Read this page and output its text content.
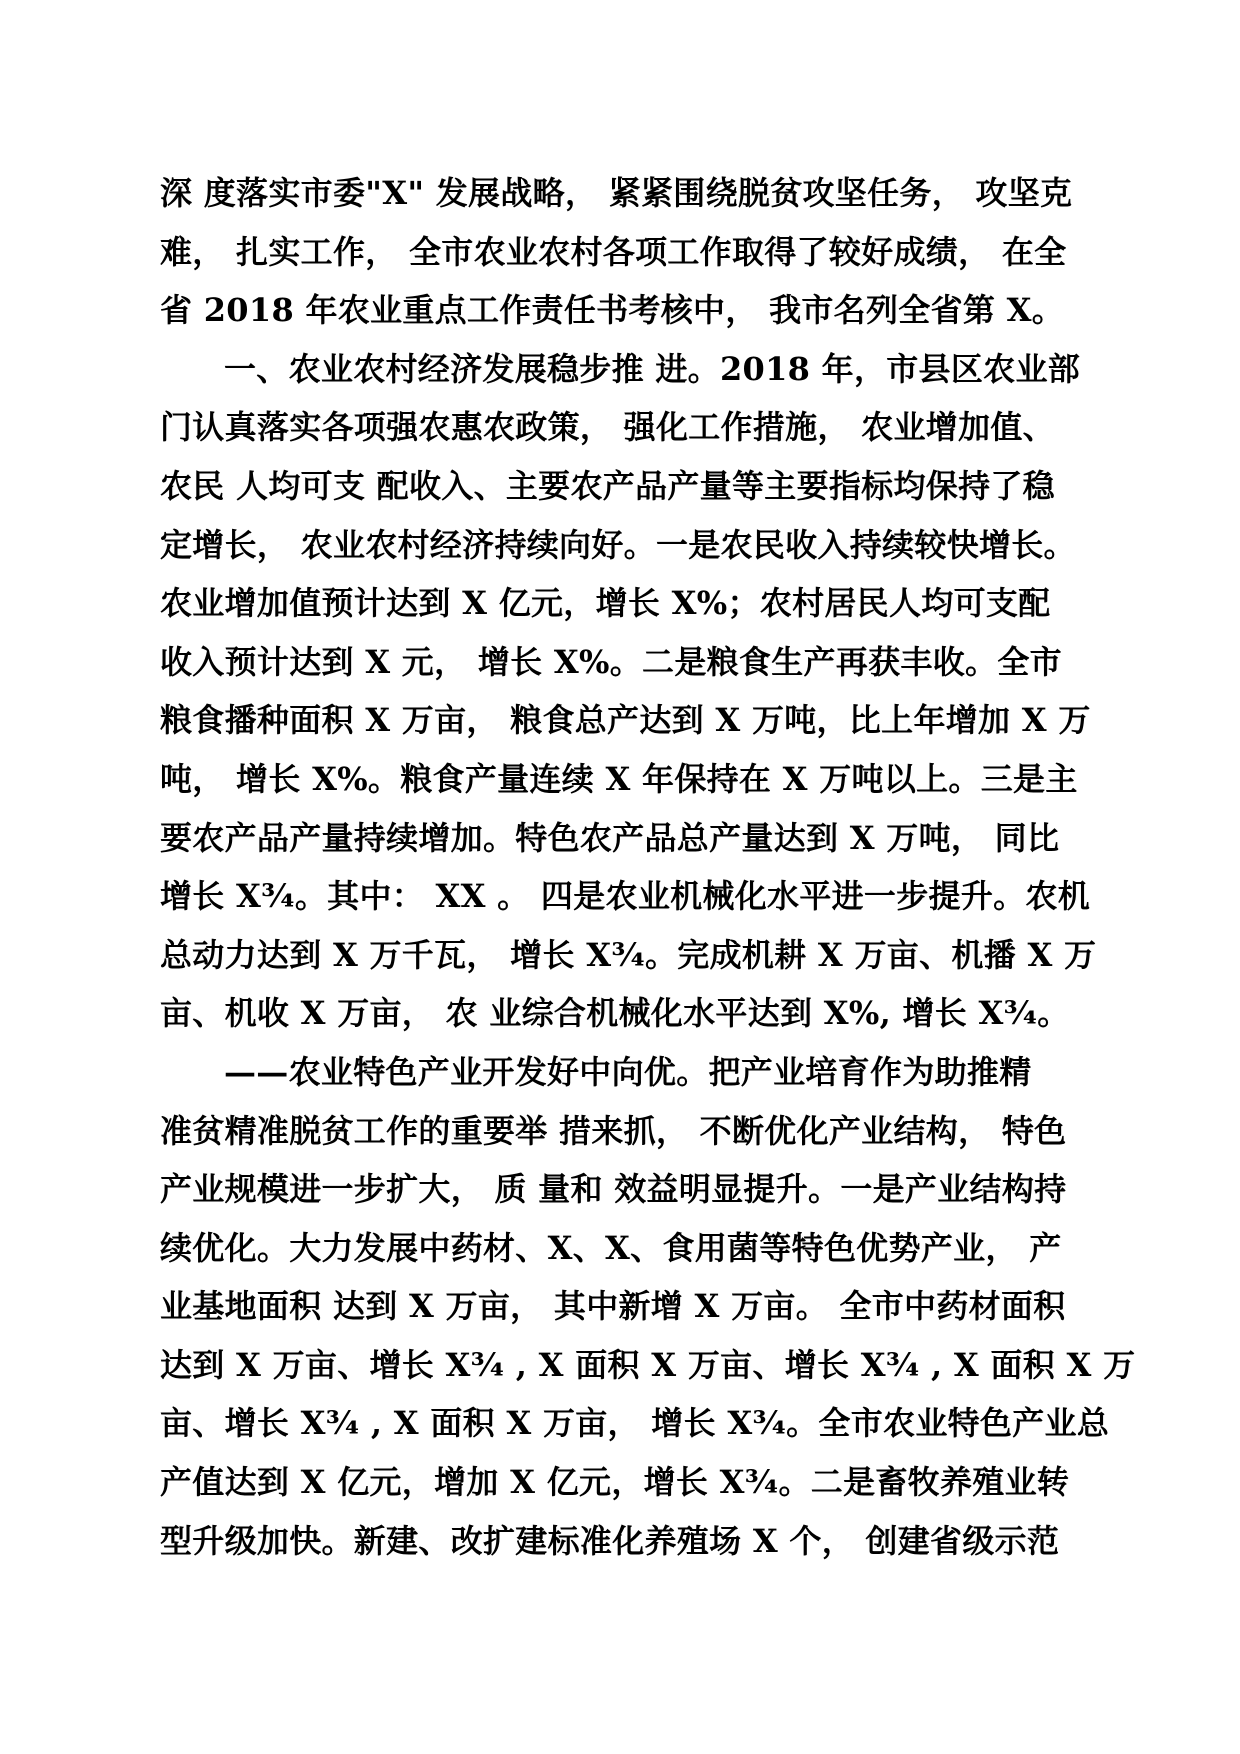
深 度落实市委"X" 发展战略， 紧紧围绕脱贫攻坚任务， 攻坚克
难， 扎实工作， 全市农业农村各项工作取得了较好成绩， 在全
省 2018 年农业重点工作责任书考核中， 我市名列全省第 X。
一、农业农村经济发展稳步推 进。2018 年，市县区农业部
门认真落实各项强农惠农政策， 强化工作措施， 农业增加值、
农民 人均可支 配收入、主要农产品产量等主要指标均保持了稳
定增长， 农业农村经济持续向好。一是农民收入持续较快增长。
农业增加值预计达到 X 亿元，增长 X%；农村居民人均可支配
收入预计达到 X 元， 增长 X%。二是粮食生产再获丰收。全市
粮食播种面积 X 万亩， 粮食总产达到 X 万吨，比上年增加 X 万
吨， 增长 X%。粮食产量连续 X 年保持在 X 万吨以上。三是主
要农产品产量持续增加。特色农产品总产量达到 X 万吨， 同比
增长 X¾。其中： XX 。 四是农业机械化水平进一步提升。农机
总动力达到 X 万千瓦， 增长 X¾。完成机耕 X 万亩、机播 X 万
亩、机收 X 万亩， 农 业综合机械化水平达到 X%, 增长 X¾。
——农业特色产业开发好中向优。把产业培育作为助推精
准贫精准脱贫工作的重要举 措来抓， 不断优化产业结构， 特色
产业规模进一步扩大， 质 量和 效益明显提升。一是产业结构持
续优化。大力发展中药材、X、X、食用菌等特色优势产业， 产
业基地面积 达到 X 万亩， 其中新增 X 万亩。 全市中药材面积
达到 X 万亩、增长 X¾ , X 面积 X 万亩、增长 X¾ , X 面积 X 万
亩、增长 X¾ , X 面积 X 万亩， 增长 X¾。全市农业特色产业总
产值达到 X 亿元，增加 X 亿元，增长 X¾。二是畜牧养殖业转
型升级加快。新建、改扩建标准化养殖场 X 个， 创建省级示范
